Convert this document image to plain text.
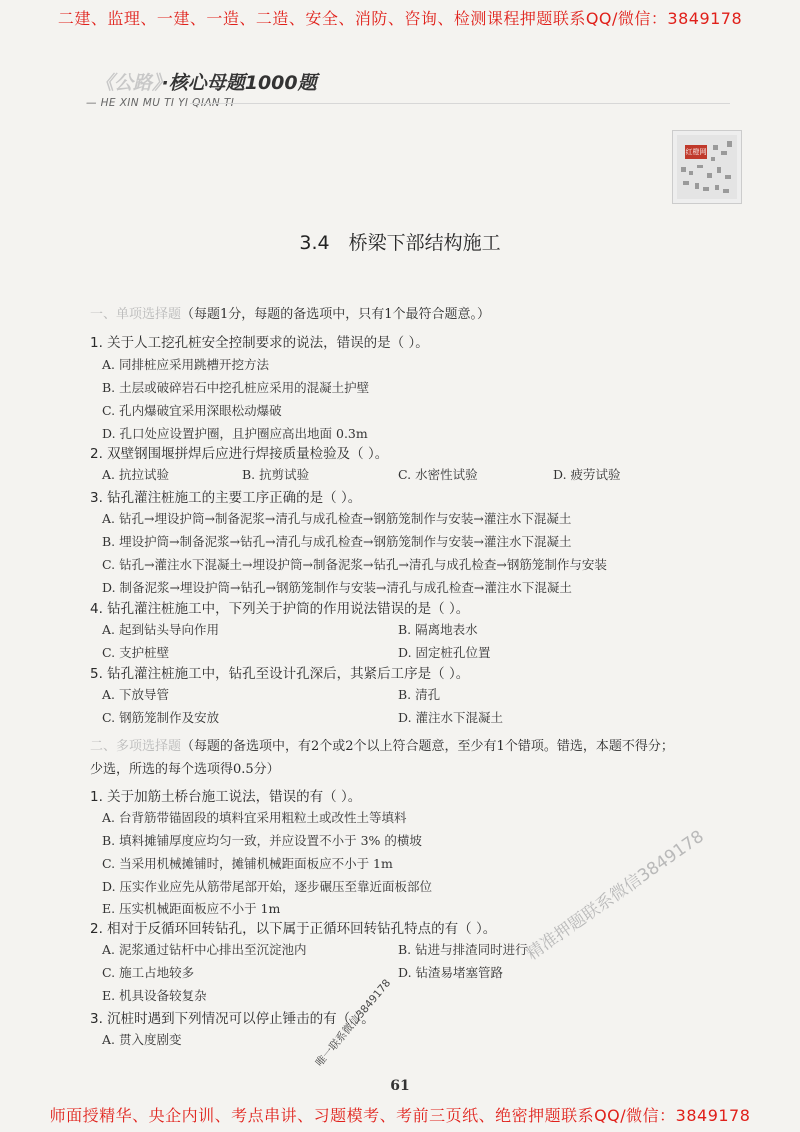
二建、监理、一建、一造、二造、安全、消防、咨询、检测课程押题联系QQ/微信：3849178
《公路》·核心母题1000题
— HE XIN MU TI YI QIAN TI
红橙网
3.4　桥梁下部结构施工
一、单项选择题（每题1分，每题的备选项中，只有1个最符合题意。）
1. 关于人工挖孔桩安全控制要求的说法，错误的是（ ）。
A. 同排桩应采用跳槽开挖方法
B. 土层或破碎岩石中挖孔桩应采用的混凝土护壁
C. 孔内爆破宜采用深眼松动爆破
D. 孔口处应设置护圈，且护圈应高出地面 0.3m
2. 双壁钢围堰拼焊后应进行焊接质量检验及（ ）。
A. 抗拉试验	B. 抗剪试验	C. 水密性试验	D. 疲劳试验
3. 钻孔灌注桩施工的主要工序正确的是（ ）。
A. 钻孔→埋设护筒→制备泥浆→清孔与成孔检查→钢筋笼制作与安装→灌注水下混凝土
B. 埋设护筒→制备泥浆→钻孔→清孔与成孔检查→钢筋笼制作与安装→灌注水下混凝土
C. 钻孔→灌注水下混凝土→埋设护筒→制备泥浆→钻孔→清孔与成孔检查→钢筋笼制作与安装
D. 制备泥浆→埋设护筒→钻孔→钢筋笼制作与安装→清孔与成孔检查→灌注水下混凝土
4. 钻孔灌注桩施工中，下列关于护筒的作用说法错误的是（ ）。
A. 起到钻头导向作用	B. 隔离地表水
C. 支护桩壁	D. 固定桩孔位置
5. 钻孔灌注桩施工中，钻孔至设计孔深后，其紧后工序是（ ）。
A. 下放导管	B. 清孔
C. 钢筋笼制作及安放	D. 灌注水下混凝土
二、多项选择题（每题的备选项中，有2个或2个以上符合题意，至少有1个错项。错选，本题不得分；
少选，所选的每个选项得0.5分）
1. 关于加筋土桥台施工说法，错误的有（ ）。
A. 台背筋带锚固段的填料宜采用粗粒土或改性土等填料
B. 填料摊铺厚度应均匀一致，并应设置不小于 3% 的横坡
C. 当采用机械摊铺时，摊铺机械距面板应不小于 1m
D. 压实作业应先从筋带尾部开始，逐步碾压至靠近面板部位
E. 压实机械距面板应不小于 1m
2. 相对于反循环回转钻孔，以下属于正循环回转钻孔特点的有（ ）。
A. 泥浆通过钻杆中心排出至沉淀池内	B. 钻进与排渣同时进行
C. 施工占地较多	D. 钻渣易堵塞管路
E. 机具设备较复杂
3. 沉桩时遇到下列情况可以停止锤击的有（ ）。
A. 贯入度剧变
精准押题联系微信3849178
唯一联系微信3849178
61
师面授精华、央企内训、考点串讲、习题模考、考前三页纸、绝密押题联系QQ/微信：3849178
